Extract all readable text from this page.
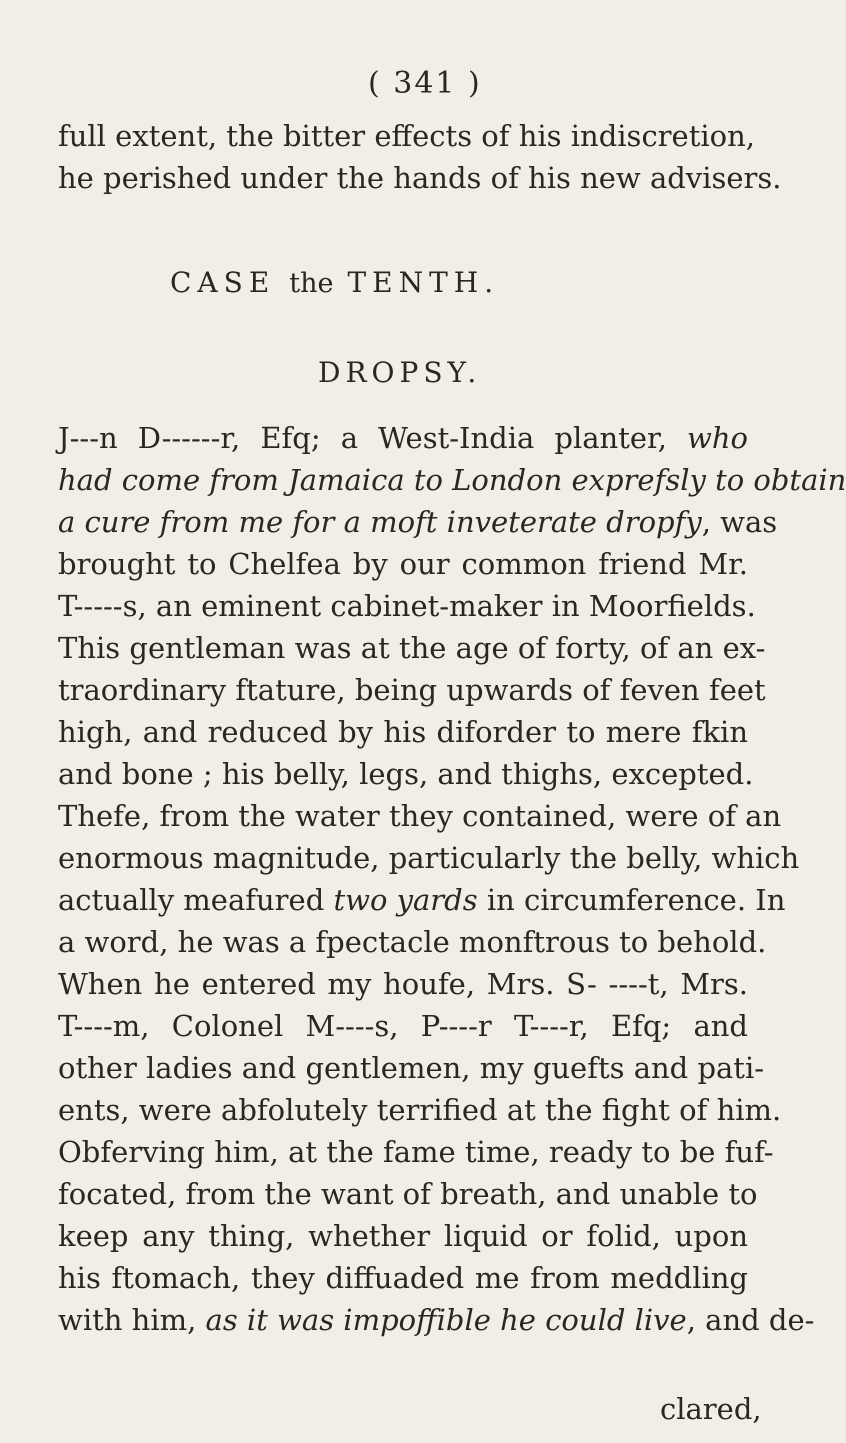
( 341 )
full extent, the bitter effects of his indiscretion,
he perished under the hands of his new advisers.
CASE the TENTH.
DROPSY.
J---n D------r, Efq; a West-India planter, who
had come from Jamaica to London exprefsly to obtain
a cure from me for a moft inveterate dropfy, was
brought to Chelfea by our common friend Mr.
T-----s, an eminent cabinet-maker in Moorfields.
This gentleman was at the age of forty, of an ex-
traordinary ftature, being upwards of feven feet
high, and reduced by his diforder to mere fkin
and bone ; his belly, legs, and thighs, excepted.
Thefe, from the water they contained, were of an
enormous magnitude, particularly the belly, which
actually meafured two yards in circumference. In
a word, he was a fpectacle monftrous to behold.
When he entered my houfe, Mrs. S- ----t, Mrs.
T----m, Colonel M----s, P----r T----r, Efq; and
other ladies and gentlemen, my guefts and pati-
ents, were abfolutely terrified at the fight of him.
Obferving him, at the fame time, ready to be fuf-
focated, from the want of breath, and unable to
keep any thing, whether liquid or folid, upon
his ftomach, they diffuaded me from meddling
with him, as it was impoffible he could live, and de-
clared,
